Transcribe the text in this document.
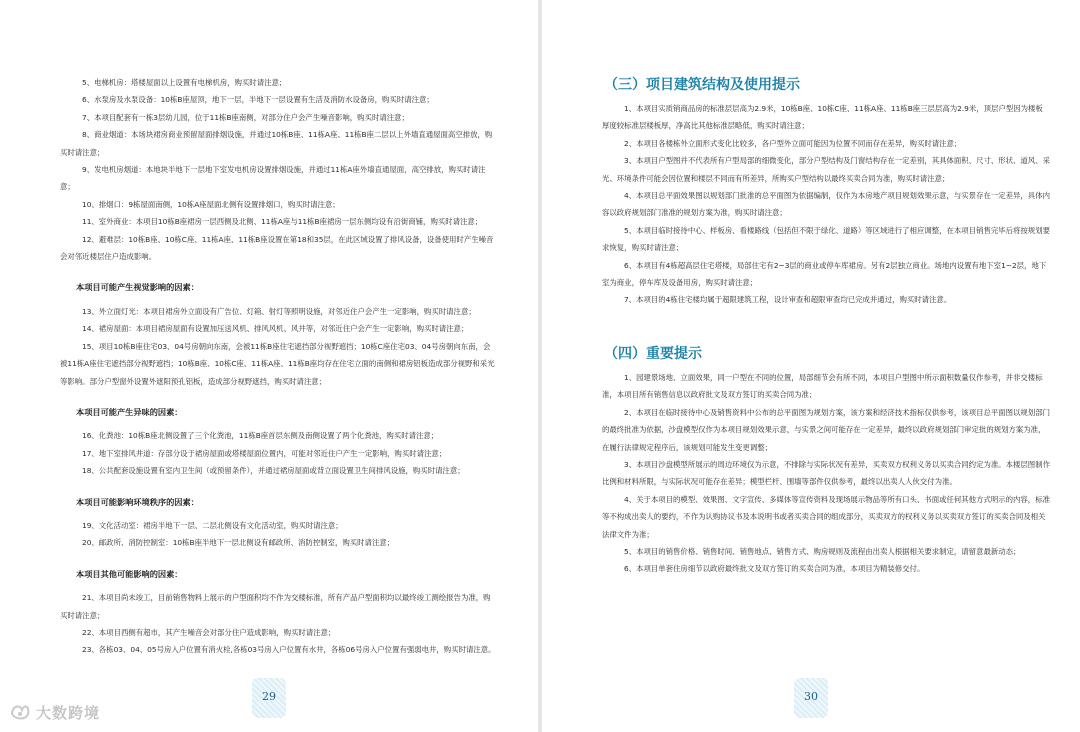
5、电梯机房：塔楼屋面以上设置有电梯机房，购买时请注意；

6、水泵房及水泵设备：10栋B座屋顶，地下一层，半地下一层设置有生活及消防水设备房，购买时请注意；

7、本项目配套有一栋3层幼儿园，位于11栋B座南侧，对部分住户会产生噪音影响，购买时请注意；

8、商业烟道：本场块裙房商业预留屋面排烟设施，并通过10栋B座、11栋A座、11栋B座二层以上外墙直通屋面高空排放，购买时请注意；

9、发电机房烟道：本地块半地下一层地下室发电机房设置排烟设施，并通过11栋A座外墙直通屋面，高空排放，购买时请注意；

10、排烟口：9栋屋面南侧，10栋A座屋面北侧有设置排烟口，购买时请注意；

11、室外商业：本项目10栋B座裙房一层西侧及北侧、11栋A座与11栋B座裙房一层东侧均设有沿街商铺，购买时请注意；

12、避难层：10栋B座、10栋C座、11栋A座、11栋B座设置在第18和35层，在此区域设置了排风设备，设备使用时产生噪音会对邻近楼层住户造成影响。

本项目可能产生视觉影响的因素：

13、外立面灯光：本项目裙房外立面设有广告位、灯箱、射灯等照明设施，对邻近住户会产生一定影响，购买时请注意；

14、裙房屋面：本项目裙房屋面有设置加压送风机、排风风机、风井等，对邻近住户会产生一定影响，购买时请注意；

15、项目10栋B座住宅03、04号房朝向东南，会被11栋B座住宅遮挡部分视野遮挡；10栋C座住宅03、04号房朝向东南，会被11栋A座住宅遮挡部分视野遮挡；10栋B座、10栋C座、11栋A座、11栋B座均存在住宅立面的南侧和裙房铝板造成部分视野和采光等影响。部分户型窗外设置外遮阳预孔铝板，造成部分视野遮挡，购买时请注意；

本项目可能产生异味的因素：

16、化粪池：10栋B座北侧设置了三个化粪池，11栋B座首层东侧及南侧设置了两个化粪池，购买时请注意；

17、地下室排风井道：存部分设于裙房屋面或塔楼屋面位置内，可能对邻近住户产生一定影响，购买时请注意；

18、公共配套设施设置有室内卫生间（或预留条件），并通过裙房屋面或背立面设置卫生间排风设施，购买时请注意；

本项目可能影响环境秩序的因素：

19、文化活动室：裙房半地下一层、二层北侧设有文化活动室，购买时请注意；

20、邮政所、消防控制室：10栋B座半地下一层北侧设有邮政所、消防控制室，购买时请注意；

本项目其他可能影响的因素：

21、本项目尚未竣工，目前销售物料上展示的户型面积均不作为交楼标准，所有产品户型面积均以最终竣工测绘报告为准，购买时请注意；

22、本项目西侧有超市，其产生噪音会对部分住户造成影响，购买时请注意；

23、各栋03、04、05号房入户位置有消火栓,各栋03号房入户位置有水井，各栋06号房入户位置有强弱电井，购买时请注意。

29
大数跨境
（三）项目建筑结构及使用提示

1、本项目实质销商品房的标准层层高为2.9米，10栋B座、10栋C座、11栋A座、11栋B座三层层高为2.9米，顶层户型因为楼板厚度较标准层楼板厚，净高比其他标准层略低，购买时请注意；

2、本项目各楼栋外立面形式变化比较多，各户型外立面可能因为位置不同而存在差异，购买时请注意；

3、本项目户型图并不代表所有户型局部的细微变化，部分户型结构及门窗结构存在一定差别，其具体面积、尺寸、形状、道风、采光、环境条件可能会因位置和楼层不同而有所差异，所购买户型结构以最终买卖合同为准，购买时请注意；

4、本项目总平面效果图以规划部门批准的总平面图为依据编制，仅作为本房地产项目规划效果示意，与实景存在一定差异，具体内容以政府规划部门准准的规划方案为准，购买时请注意；

5、本项目临时接待中心、样板房、看楼路线（包括但不限于绿化、道路）等区域进行了相应调整，在本项目销售完毕后将按规划要求恢复，购买时请注意；

6、本项目有4栋超高层住宅塔楼，局部住宅有2~3层的商业或停车库裙房。另有2层独立商业。场地内设置有地下室1~2层，地下室为商业，停车库及设备用房，购买时请注意；

7、本项目的4栋住宅楼均属于超限建筑工程，设计审查和超限审查均已完成并通过，购买时请注意。

（四）重要提示

1、园建景场地、立面效果，同一户型在不同的位置，局部细节会有所不同，本项目户型图中所示面积数量仅作参考，并非交楼标准，本项目所有销售信息以政府批文及双方签订的买卖合同为准；

2、本项目在临时接待中心及销售资料中公布的总平面图为规划方案，该方案和经济技术指标仅供参考，该项目总平面图以规划部门的最终批准为依据，沙盘模型仅作为本项目规划效果示意，与实景之间可能存在一定差异，最终以政府规划部门审定批的规划方案为准，在履行法律规定程序后，该规划可能发生变更调整；

3、本项目沙盘模型所展示的周边环境仅为示意，不排除与实际状况有差异，买卖双方权利义务以买卖合同约定为准。本楼层图制作比例和材料所限，与实际状况可能存在差异；模型栏杆、围墙等部件仅供参考，最终以出卖人人伙交付为准。

4、关于本项目的模型、效果图、文字宣传、多媒体等宣传资料及现场展示物品等所有口头、书面或任何其他方式明示的内容，标准等不构成出卖人的要约，不作为认购协议书及本说明书或者买卖合同的组成部分，买卖双方的权利义务以买卖双方签订的买卖合同及相关法律文件为准；

5、本项目的销售价格、销售时间、销售地点、销售方式、购房规则及流程由出卖人根据相关要求制定，请留意最新动态；

6、本项目单套住房细节以政府最终批文及双方签订的买卖合同为准，本项目为精装修交付。

30
